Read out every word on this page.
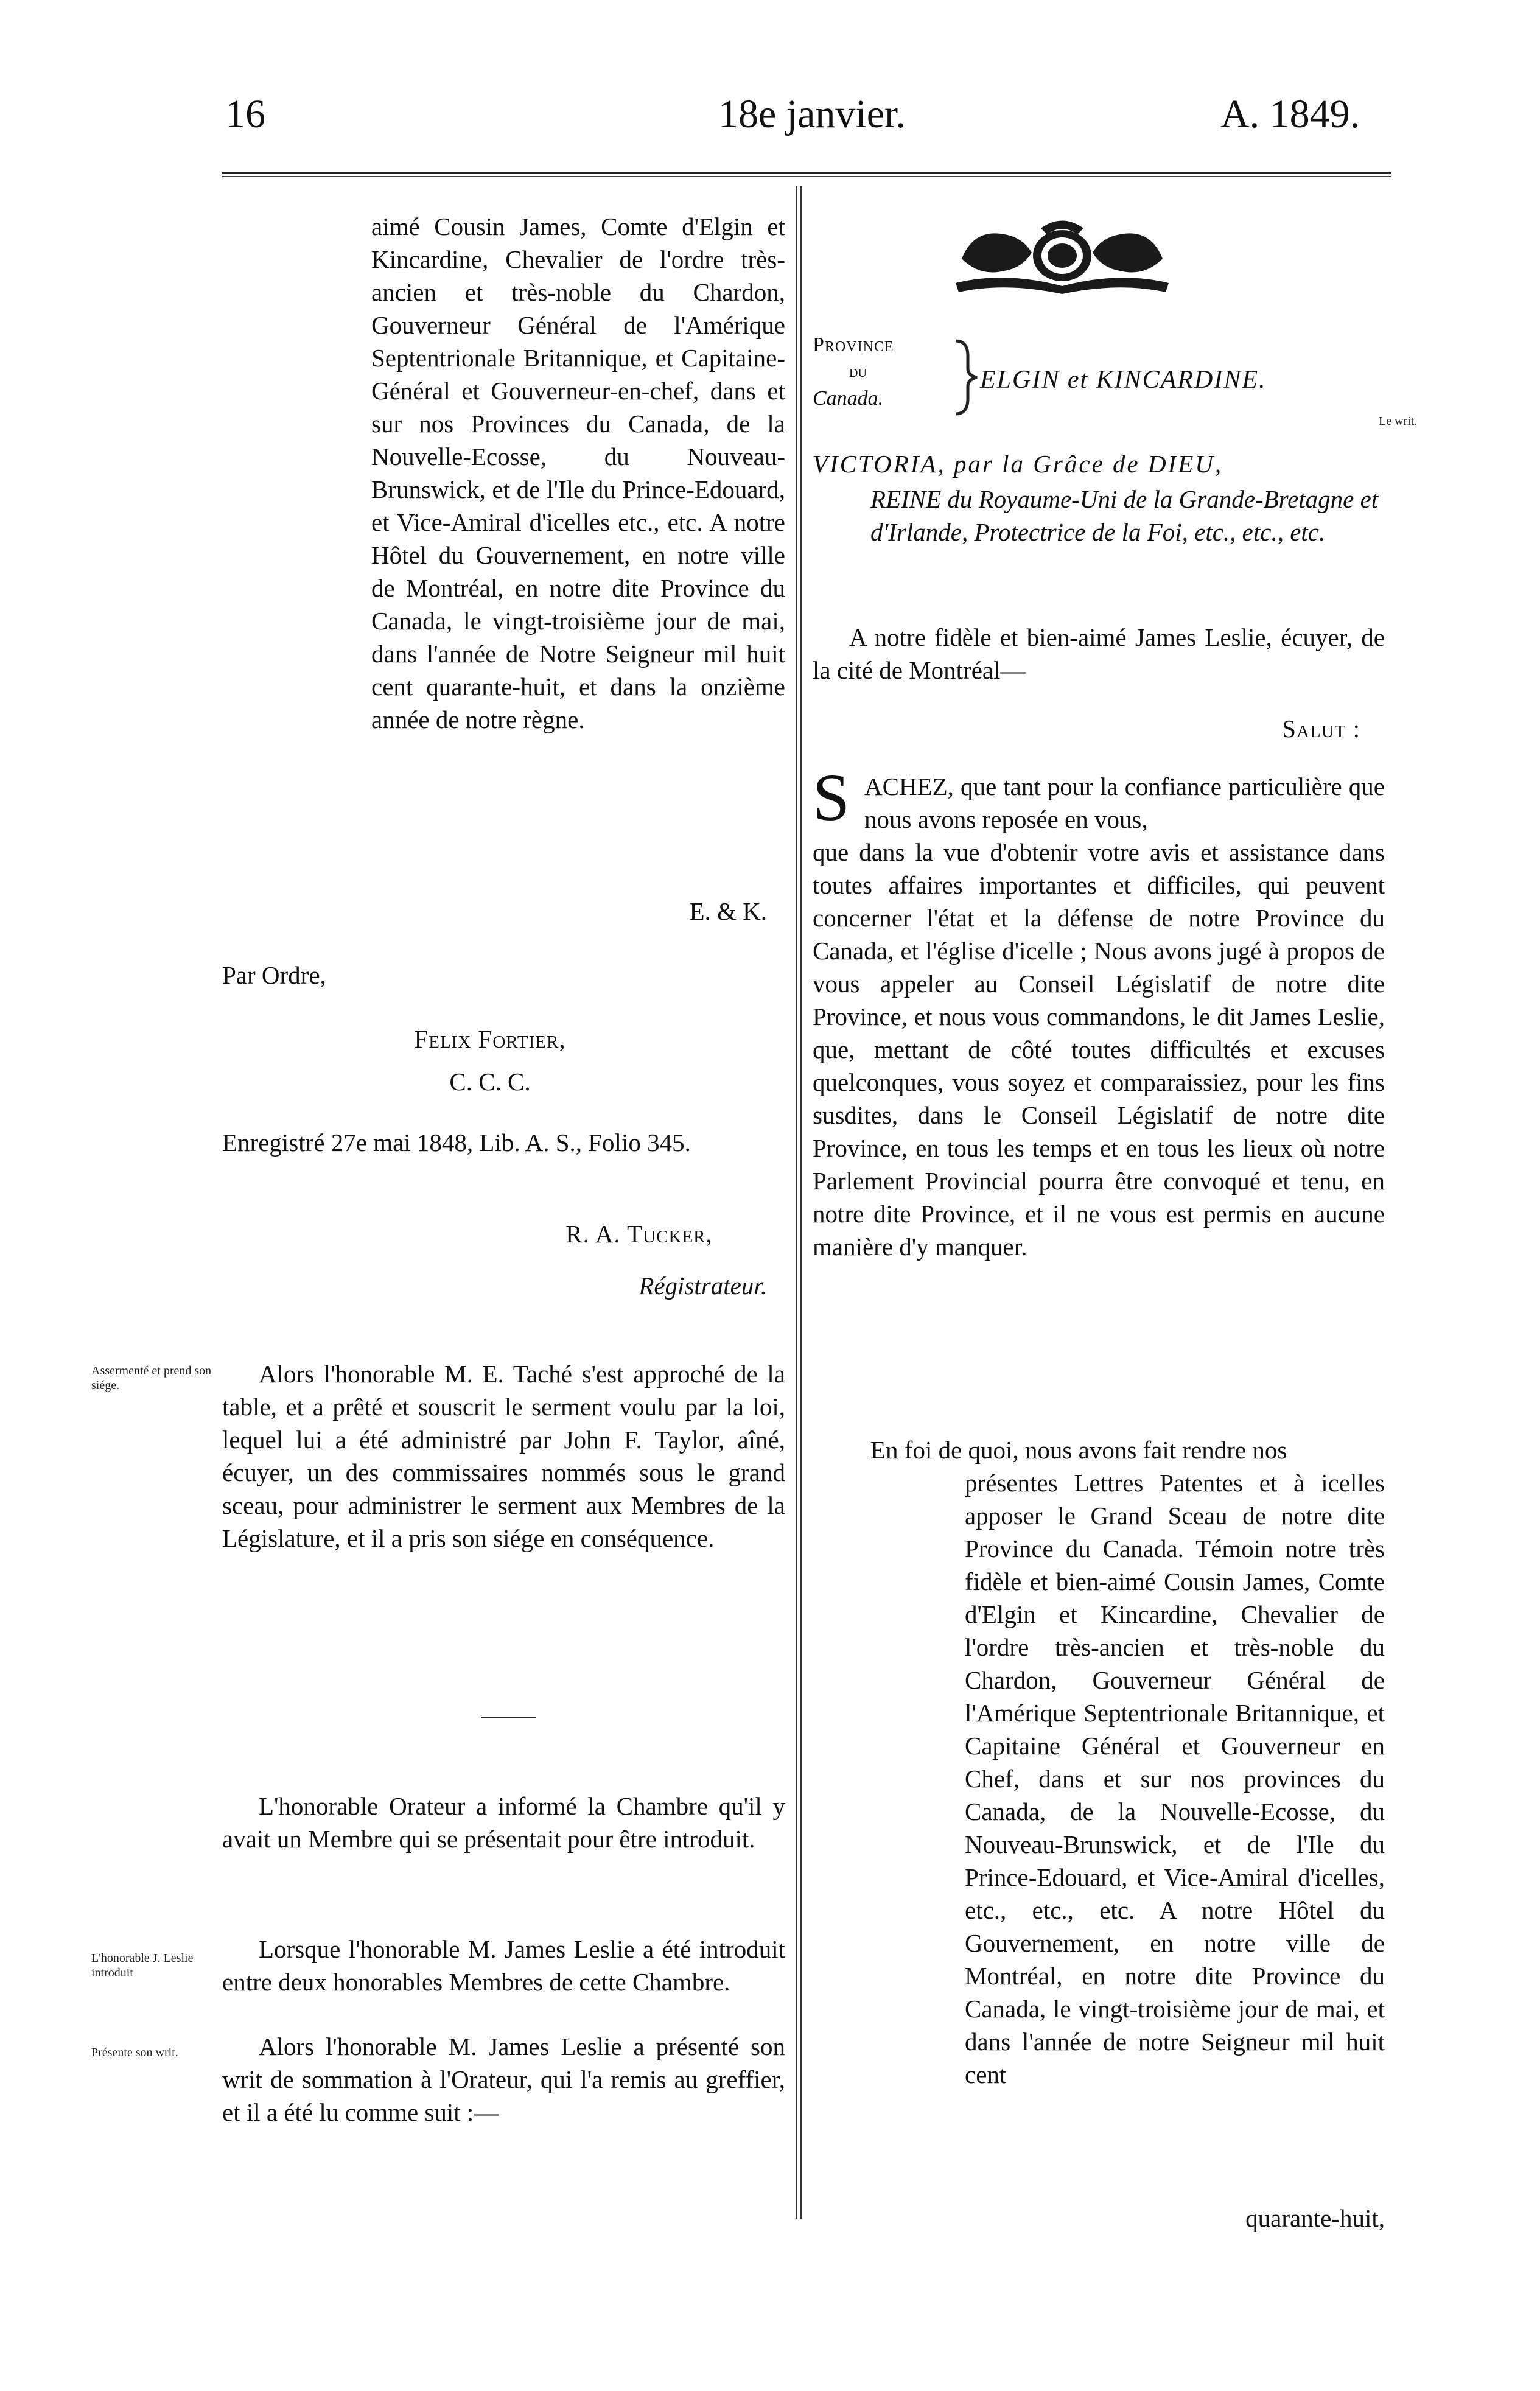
16	18e janvier.	A. 1849.
aimé Cousin James, Comte d'Elgin et Kincardine, Chevalier de l'ordre très-ancien et très-noble du Chardon, Gouverneur Général de l'Amérique Septentrionale Britannique, et Capitaine-Général et Gouverneur-en-chef, dans et sur nos Provinces du Canada, de la Nouvelle-Ecosse, du Nouveau-Brunswick, et de l'Ile du Prince-Edouard, et Vice-Amiral d'icelles etc., etc. A notre Hôtel du Gouvernement, en notre ville de Montréal, en notre dite Province du Canada, le vingt-troisième jour de mai, dans l'année de Notre Seigneur mil huit cent quarante-huit, et dans la onzième année de notre règne.
E. & K.
Par Ordre,
Felix Fortier,
C. C. C.
Enregistré 27e mai 1848, Lib. A. S., Folio 345.
R. A. Tucker,
Régistrateur.
Assermenté et prend son siége.	Alors l'honorable M. E. Taché s'est approché de la table, et a prêté et souscrit le serment voulu par la loi, lequel lui a été administré par John F. Taylor, aîné, écuyer, un des commissaires nommés sous le grand sceau, pour administrer le serment aux Membres de la Législature, et il a pris son siége en conséquence.
L'honorable Orateur a informé la Chambre qu'il y avait un Membre qui se présentait pour être introduit.
L'honorable J. Leslie introduit
Lorsque l'honorable M. James Leslie a été introduit entre deux honorables Membres de cette Chambre.
Présente son writ.	Alors l'honorable M. James Leslie a présenté son writ de sommation à l'Orateur, qui l'a remis au greffier, et il a été lu comme suit :—
Province
du
Canada.
ELGIN et KINCARDINE.
Le writ.
VICTORIA, par la Grâce de DIEU,
REINE du Royaume-Uni de la Grande-Bretagne et d'Irlande, Protectrice de la Foi, etc., etc., etc.
A notre fidèle et bien-aimé James Leslie, écuyer, de la cité de Montréal—
Salut :
S ACHEZ, que tant pour la confiance particulière que nous avons reposée en vous,
que dans la vue d'obtenir votre avis et assistance dans toutes affaires importantes et difficiles, qui peuvent concerner l'état et la défense de notre Province du Canada, et l'église d'icelle ; Nous avons jugé à propos de vous appeler au Conseil Législatif de notre dite Province, et nous vous commandons, le dit James Leslie, que, mettant de côté toutes difficultés et excuses quelconques, vous soyez et comparaissiez, pour les fins susdites, dans le Conseil Législatif de notre dite Province, en tous les temps et en tous les lieux où notre Parlement Provincial pourra être convoqué et tenu, en notre dite Province, et il ne vous est permis en aucune manière d'y manquer.
En foi de quoi, nous avons fait rendre nos
présentes Lettres Patentes et à icelles apposer le Grand Sceau de notre dite Province du Canada. Témoin notre très fidèle et bien-aimé Cousin James, Comte d'Elgin et Kincardine, Chevalier de l'ordre très-ancien et très-noble du Chardon, Gouverneur Général de l'Amérique Septentrionale Britannique, et Capitaine Général et Gouverneur en Chef, dans et sur nos provinces du Canada, de la Nouvelle-Ecosse, du Nouveau-Brunswick, et de l'Ile du Prince-Edouard, et Vice-Amiral d'icelles, etc., etc., etc. A notre Hôtel du Gouvernement, en notre ville de Montréal, en notre dite Province du Canada, le vingt-troisième jour de mai, et dans l'année de notre Seigneur mil huit cent
quarante-huit,
